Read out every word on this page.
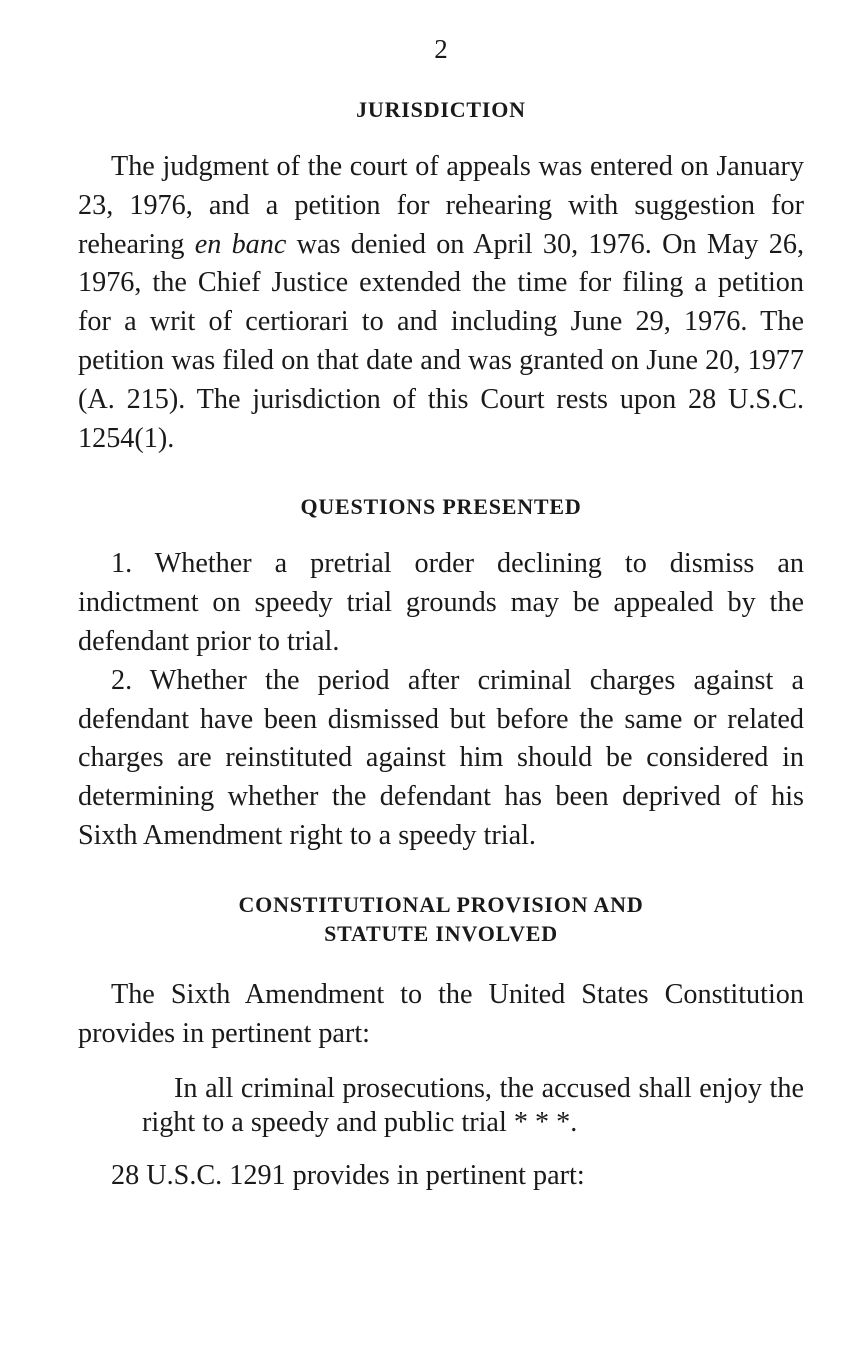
2
JURISDICTION

The judgment of the court of appeals was entered on January 23, 1976, and a petition for rehearing with suggestion for rehearing en banc was denied on April 30, 1976. On May 26, 1976, the Chief Justice extended the time for filing a petition for a writ of certiorari to and including June 29, 1976. The petition was filed on that date and was granted on June 20, 1977 (A. 215). The jurisdiction of this Court rests upon 28 U.S.C. 1254(1).

QUESTIONS PRESENTED

1. Whether a pretrial order declining to dismiss an indictment on speedy trial grounds may be appealed by the defendant prior to trial.

2. Whether the period after criminal charges against a defendant have been dismissed but before the same or related charges are reinstituted against him should be considered in determining whether the defendant has been deprived of his Sixth Amendment right to a speedy trial.

CONSTITUTIONAL PROVISION AND
STATUTE INVOLVED

The Sixth Amendment to the United States Constitution provides in pertinent part:

In all criminal prosecutions, the accused shall enjoy the right to a speedy and public trial * * *.

28 U.S.C. 1291 provides in pertinent part:
